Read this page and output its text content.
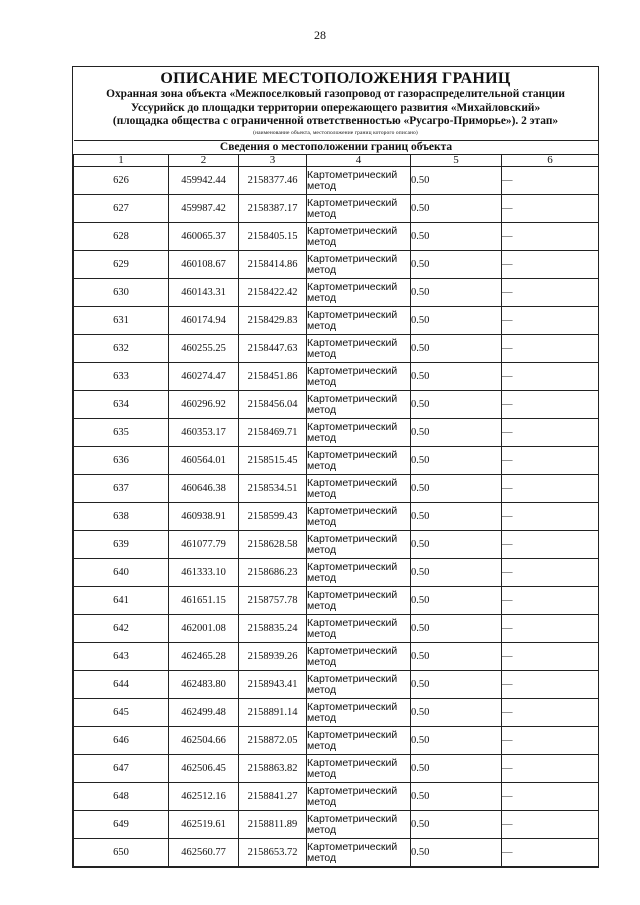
28
ОПИСАНИЕ МЕСТОПОЛОЖЕНИЯ ГРАНИЦ
Охранная зона объекта «Межпоселковый газопровод от газораспределительной станции
Уссурийск до площадки территории опережающего развития «Михайловский»
(площадка общества с ограниченной ответственностью «Русагро-Приморье»). 2 этап»
(наименование объекта, местоположение границ которого описано)
Сведения о местоположении границ объекта					
1	2	3	4	5	6
626	459942.44	2158377.46	Картометрический метод	0.50	—
627	459987.42	2158387.17	Картометрический метод	0.50	—
628	460065.37	2158405.15	Картометрический метод	0.50	—
629	460108.67	2158414.86	Картометрический метод	0.50	—
630	460143.31	2158422.42	Картометрический метод	0.50	—
631	460174.94	2158429.83	Картометрический метод	0.50	—
632	460255.25	2158447.63	Картометрический метод	0.50	—
633	460274.47	2158451.86	Картометрический метод	0.50	—
634	460296.92	2158456.04	Картометрический метод	0.50	—
635	460353.17	2158469.71	Картометрический метод	0.50	—
636	460564.01	2158515.45	Картометрический метод	0.50	—
637	460646.38	2158534.51	Картометрический метод	0.50	—
638	460938.91	2158599.43	Картометрический метод	0.50	—
639	461077.79	2158628.58	Картометрический метод	0.50	—
640	461333.10	2158686.23	Картометрический метод	0.50	—
641	461651.15	2158757.78	Картометрический метод	0.50	—
642	462001.08	2158835.24	Картометрический метод	0.50	—
643	462465.28	2158939.26	Картометрический метод	0.50	—
644	462483.80	2158943.41	Картометрический метод	0.50	—
645	462499.48	2158891.14	Картометрический метод	0.50	—
646	462504.66	2158872.05	Картометрический метод	0.50	—
647	462506.45	2158863.82	Картометрический метод	0.50	—
648	462512.16	2158841.27	Картометрический метод	0.50	—
649	462519.61	2158811.89	Картометрический метод	0.50	—
650	462560.77	2158653.72	Картометрический метод	0.50	—
